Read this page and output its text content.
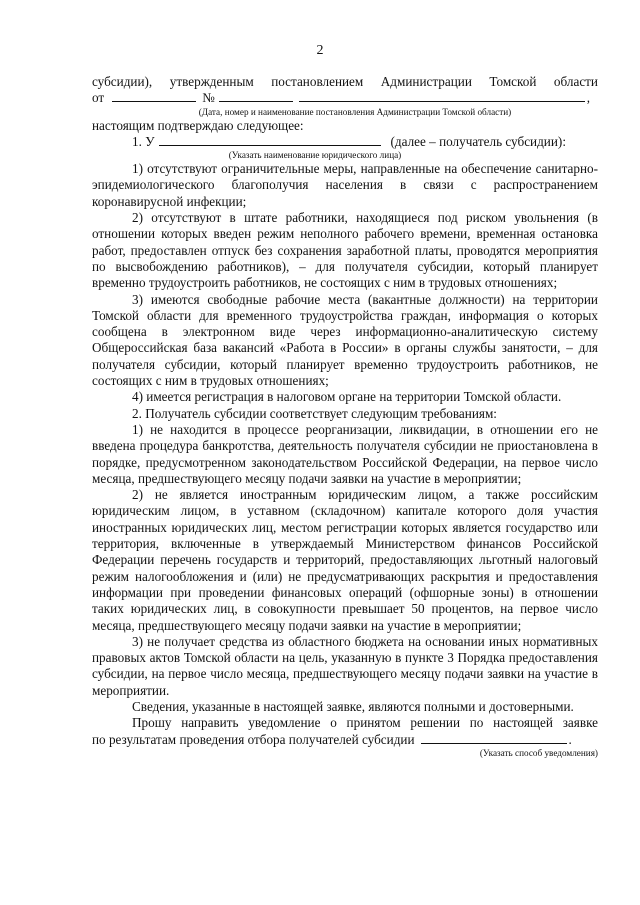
2

субсидии), утвержденным постановлением Администрации Томской области

от	№	,
(Дата, номер и наименование постановления Администрации Томской области)

настоящим подтверждаю следующее:

1. У	(далее – получатель субсидии):
(Указать наименование юридического лица)

1) отсутствуют ограничительные меры, направленные на обеспечение санитарно-эпидемиологического благополучия населения в связи с распространением коронавирусной инфекции;

2) отсутствуют в штате работники, находящиеся под риском увольнения (в отношении которых введен режим неполного рабочего времени, временная остановка работ, предоставлен отпуск без сохранения заработной платы, проводятся мероприятия по высвобождению работников), – для получателя субсидии, который планирует временно трудоустроить работников, не состоящих с ним в трудовых отношениях;

3) имеются свободные рабочие места (вакантные должности) на территории Томской области для временного трудоустройства граждан, информация о которых сообщена в электронном виде через информационно-аналитическую систему Общероссийская база вакансий «Работа в России» в органы службы занятости, – для получателя субсидии, который планирует временно трудоустроить работников, не состоящих с ним в трудовых отношениях;

4) имеется регистрация в налоговом органе на территории Томской области.

2. Получатель субсидии соответствует следующим требованиям:

1) не находится в процессе реорганизации, ликвидации, в отношении его не введена процедура банкротства, деятельность получателя субсидии не приостановлена в порядке, предусмотренном законодательством Российской Федерации, на первое число месяца, предшествующего месяцу подачи заявки на участие в мероприятии;

2) не является иностранным юридическим лицом, а также российским юридическим лицом, в уставном (складочном) капитале которого доля участия иностранных юридических лиц, местом регистрации которых является государство или территория, включенные в утверждаемый Министерством финансов Российской Федерации перечень государств и территорий, предоставляющих льготный налоговый режим налогообложения и (или) не предусматривающих раскрытия и предоставления информации при проведении финансовых операций (офшорные зоны) в отношении таких юридических лиц, в совокупности превышает 50 процентов, на первое число месяца, предшествующего месяцу подачи заявки на участие в мероприятии;

3) не получает средства из областного бюджета на основании иных нормативных правовых актов Томской области на цель, указанную в пункте 3 Порядка предоставления субсидии, на первое число месяца, предшествующего месяцу подачи заявки на участие в мероприятии.

Сведения, указанные в настоящей заявке, являются полными и достоверными.

Прошу направить уведомление о принятом решении по настоящей заявке

по результатам проведения отбора получателей субсидии	.
(Указать способ уведомления)
